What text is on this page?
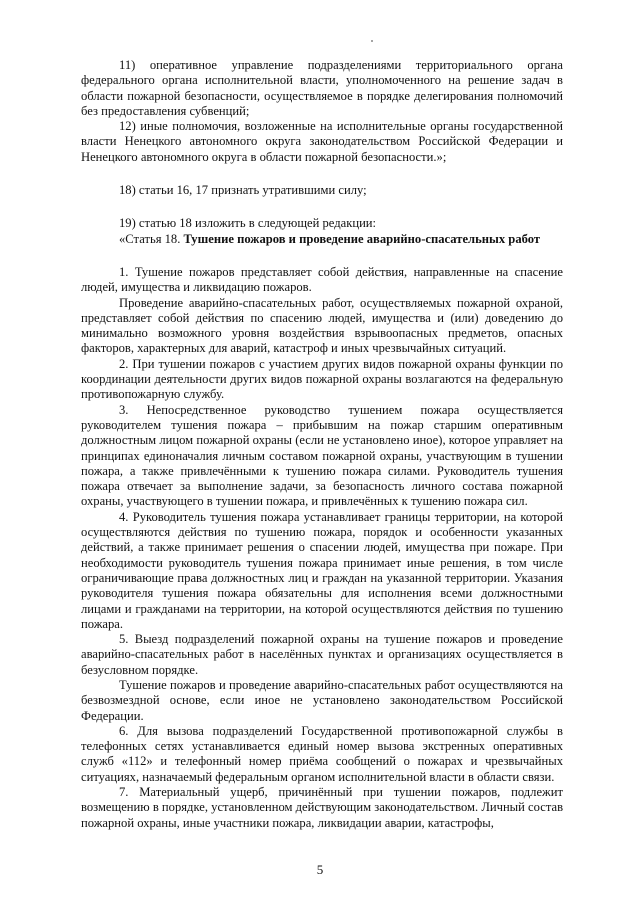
11) оперативное управление подразделениями территориального органа федерального органа исполнительной власти, уполномоченного на решение задач в области пожарной безопасности, осуществляемое в порядке делегирования полномочий без предоставления субвенций;

12) иные полномочия, возложенные на исполнительные органы государственной власти Ненецкого автономного округа законодательством Российской Федерации и Ненецкого автономного округа в области пожарной безопасности.»;

18) статьи 16, 17 признать утратившими силу;

19) статью 18 изложить в следующей редакции:

«Статья 18. Тушение пожаров и проведение аварийно-спасательных работ

1. Тушение пожаров представляет собой действия, направленные на спасение людей, имущества и ликвидацию пожаров.

Проведение аварийно-спасательных работ, осуществляемых пожарной охраной, представляет собой действия по спасению людей, имущества и (или) доведению до минимально возможного уровня воздействия взрывоопасных предметов, опасных факторов, характерных для аварий, катастроф и иных чрезвычайных ситуаций.

2. При тушении пожаров с участием других видов пожарной охраны функции по координации деятельности других видов пожарной охраны возлагаются на федеральную противопожарную службу.

3. Непосредственное руководство тушением пожара осуществляется руководителем тушения пожара – прибывшим на пожар старшим оперативным должностным лицом пожарной охраны (если не установлено иное), которое управляет на принципах единоначалия личным составом пожарной охраны, участвующим в тушении пожара, а также привлечёнными к тушению пожара силами. Руководитель тушения пожара отвечает за выполнение задачи, за безопасность личного состава пожарной охраны, участвующего в тушении пожара, и привлечённых к тушению пожара сил.

4. Руководитель тушения пожара устанавливает границы территории, на которой осуществляются действия по тушению пожара, порядок и особенности указанных действий, а также принимает решения о спасении людей, имущества при пожаре. При необходимости руководитель тушения пожара принимает иные решения, в том числе ограничивающие права должностных лиц и граждан на указанной территории. Указания руководителя тушения пожара обязательны для исполнения всеми должностными лицами и гражданами на территории, на которой осуществляются действия по тушению пожара.

5. Выезд подразделений пожарной охраны на тушение пожаров и проведение аварийно-спасательных работ в населённых пунктах и организациях осуществляется в безусловном порядке.

Тушение пожаров и проведение аварийно-спасательных работ осуществляются на безвозмездной основе, если иное не установлено законодательством Российской Федерации.

6. Для вызова подразделений Государственной противопожарной службы в телефонных сетях устанавливается единый номер вызова экстренных оперативных служб «112» и телефонный номер приёма сообщений о пожарах и чрезвычайных ситуациях, назначаемый федеральным органом исполнительной власти в области связи.

7. Материальный ущерб, причинённый при тушении пожаров, подлежит возмещению в порядке, установленном действующим законодательством. Личный состав пожарной охраны, иные участники пожара, ликвидации аварии, катастрофы,

5
